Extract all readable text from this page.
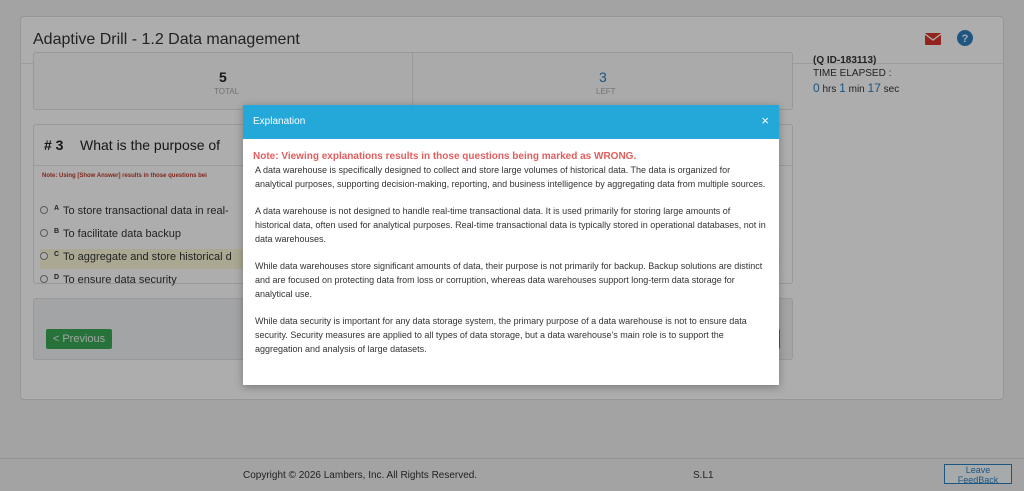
Adaptive Drill - 1.2 Data management	?
5
TOTAL
3
LEFT
(Q ID-183113)
TIME ELAPSED :
0 hrs 1 min 17 sec
# 3 What is the purpose of
Note: Using [Show Answer] results in those questions bei
A To store transactional data in real-
B To facilitate data backup
C To aggregate and store historical d
D To ensure data security
< Previous
Copyright © 2026 Lambers, Inc. All Rights Reserved.	S.L1	Leave FeedBack
Explanation	×
Note: Viewing explanations results in those questions being marked as WRONG.

A data warehouse is specifically designed to collect and store large volumes of historical data. The data is organized for analytical purposes, supporting decision-making, reporting, and business intelligence by aggregating data from multiple sources.

A data warehouse is not designed to handle real-time transactional data. It is used primarily for storing large amounts of historical data, often used for analytical purposes. Real-time transactional data is typically stored in operational databases, not in data warehouses.

While data warehouses store significant amounts of data, their purpose is not primarily for backup. Backup solutions are distinct and are focused on protecting data from loss or corruption, whereas data warehouses support long-term data storage for analytical use.

While data security is important for any data storage system, the primary purpose of a data warehouse is not to ensure data security. Security measures are applied to all types of data storage, but a data warehouse's main role is to support the aggregation and analysis of large datasets.
